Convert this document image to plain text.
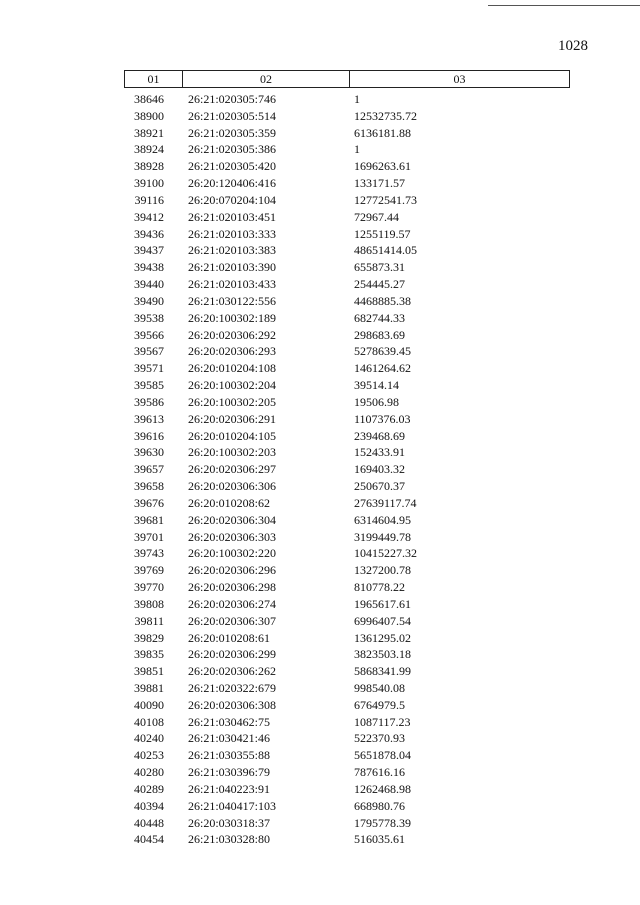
1028
01	02	03
38646	26:21:020305:746	1
38900	26:21:020305:514	12532735.72
38921	26:21:020305:359	6136181.88
38924	26:21:020305:386	1
38928	26:21:020305:420	1696263.61
39100	26:20:120406:416	133171.57
39116	26:20:070204:104	12772541.73
39412	26:21:020103:451	72967.44
39436	26:21:020103:333	1255119.57
39437	26:21:020103:383	48651414.05
39438	26:21:020103:390	655873.31
39440	26:21:020103:433	254445.27
39490	26:21:030122:556	4468885.38
39538	26:20:100302:189	682744.33
39566	26:20:020306:292	298683.69
39567	26:20:020306:293	5278639.45
39571	26:20:010204:108	1461264.62
39585	26:20:100302:204	39514.14
39586	26:20:100302:205	19506.98
39613	26:20:020306:291	1107376.03
39616	26:20:010204:105	239468.69
39630	26:20:100302:203	152433.91
39657	26:20:020306:297	169403.32
39658	26:20:020306:306	250670.37
39676	26:20:010208:62	27639117.74
39681	26:20:020306:304	6314604.95
39701	26:20:020306:303	3199449.78
39743	26:20:100302:220	10415227.32
39769	26:20:020306:296	1327200.78
39770	26:20:020306:298	810778.22
39808	26:20:020306:274	1965617.61
39811	26:20:020306:307	6996407.54
39829	26:20:010208:61	1361295.02
39835	26:20:020306:299	3823503.18
39851	26:20:020306:262	5868341.99
39881	26:21:020322:679	998540.08
40090	26:20:020306:308	6764979.5
40108	26:21:030462:75	1087117.23
40240	26:21:030421:46	522370.93
40253	26:21:030355:88	5651878.04
40280	26:21:030396:79	787616.16
40289	26:21:040223:91	1262468.98
40394	26:21:040417:103	668980.76
40448	26:20:030318:37	1795778.39
40454	26:21:030328:80	516035.61
